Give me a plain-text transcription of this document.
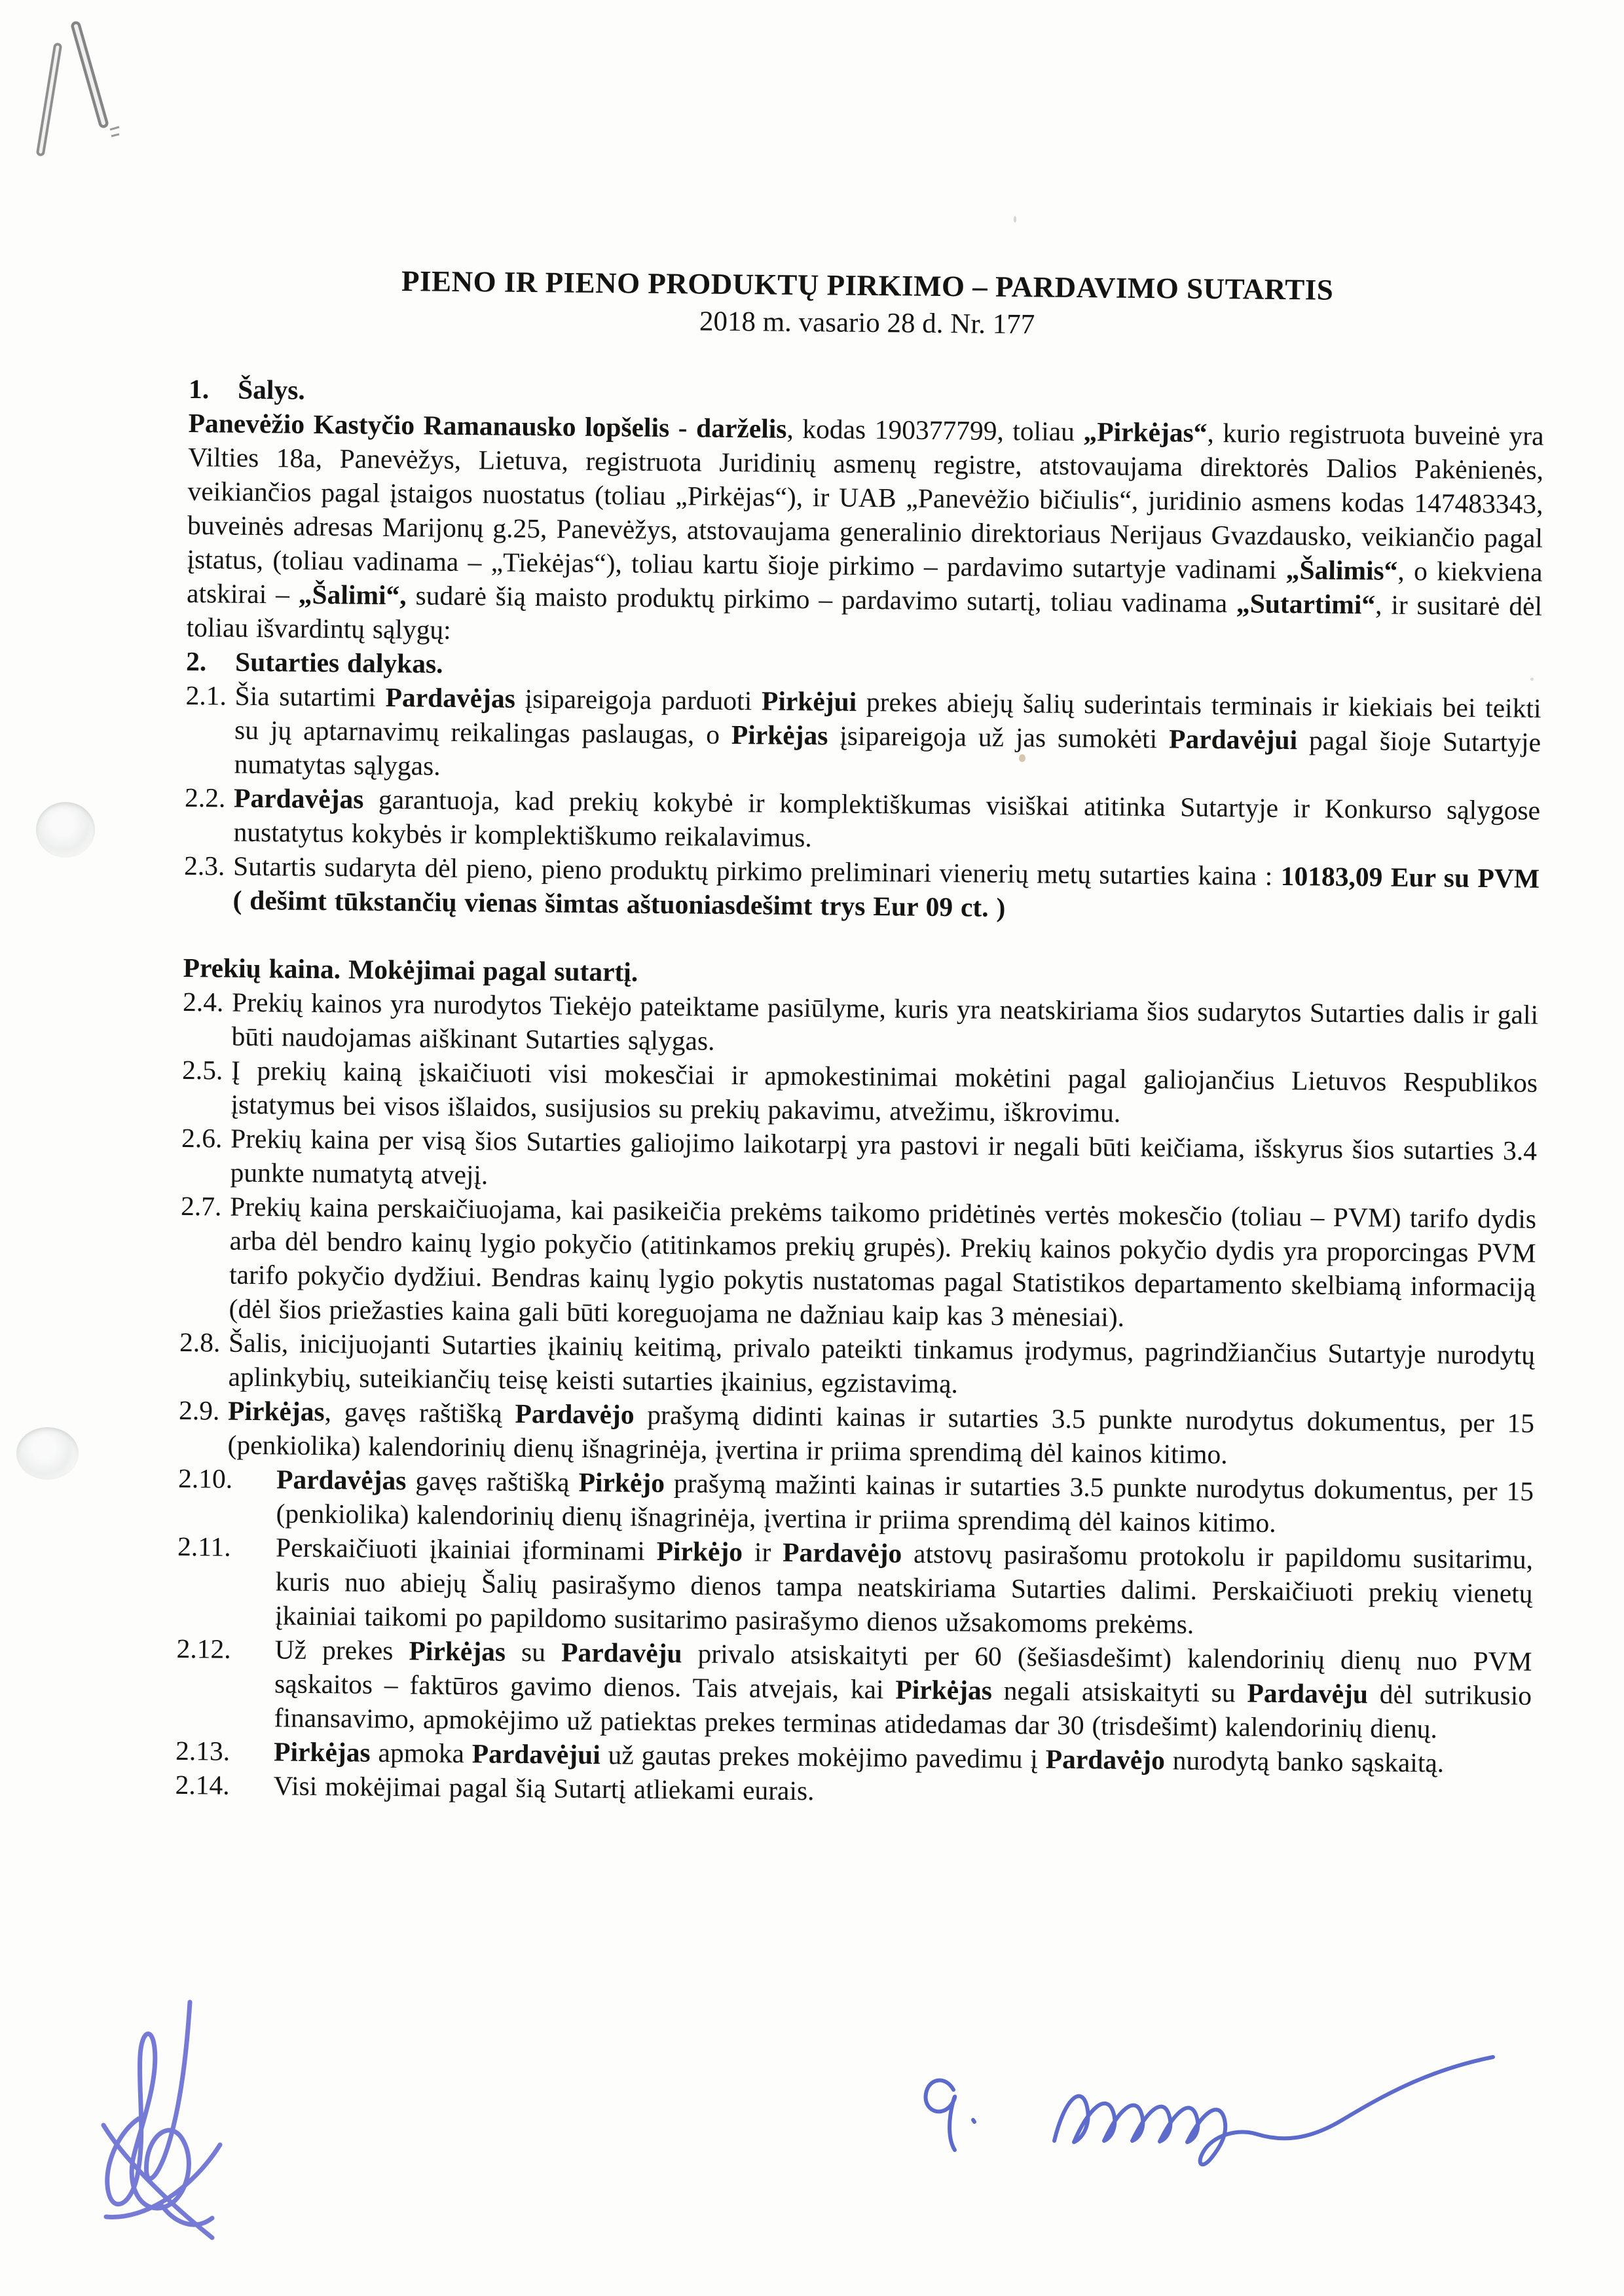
PIENO IR PIENO PRODUKTŲ PIRKIMO – PARDAVIMO SUTARTIS
2018 m. vasario 28 d. Nr. 177
1. Šalys.
Panevėžio Kastyčio Ramanausko lopšelis - darželis, kodas 190377799, toliau „Pirkėjas“, kurio registruota buveinė yra Vilties 18a, Panevėžys, Lietuva, registruota Juridinių asmenų registre, atstovaujama direktorės Dalios Pakėnienės, veikiančios pagal įstaigos nuostatus (toliau „Pirkėjas“), ir UAB „Panevėžio bičiulis“, juridinio asmens kodas 147483343, buveinės adresas Marijonų g.25, Panevėžys, atstovaujama generalinio direktoriaus Nerijaus Gvazdausko, veikiančio pagal įstatus, (toliau vadinama – „Tiekėjas“), toliau kartu šioje pirkimo – pardavimo sutartyje vadinami „Šalimis“, o kiekviena atskirai – „Šalimi“, sudarė šią maisto produktų pirkimo – pardavimo sutartį, toliau vadinama „Sutartimi“, ir susitarė dėl toliau išvardintų sąlygų:
2. Sutarties dalykas.
2.1. Šia sutartimi Pardavėjas įsipareigoja parduoti Pirkėjui prekes abiejų šalių suderintais terminais ir kiekiais bei teikti su jų aptarnavimų reikalingas paslaugas, o Pirkėjas įsipareigoja už jas sumokėti Pardavėjui pagal šioje Sutartyje numatytas sąlygas.
2.2. Pardavėjas garantuoja, kad prekių kokybė ir komplektiškumas visiškai atitinka Sutartyje ir Konkurso sąlygose nustatytus kokybės ir komplektiškumo reikalavimus.
2.3. Sutartis sudaryta dėl pieno, pieno produktų pirkimo preliminari vienerių metų sutarties kaina : 10183,09 Eur su PVM ( dešimt tūkstančių vienas šimtas aštuoniasdešimt trys Eur 09 ct. )
Prekių kaina. Mokėjimai pagal sutartį.
2.4. Prekių kainos yra nurodytos Tiekėjo pateiktame pasiūlyme, kuris yra neatskiriama šios sudarytos Sutarties dalis ir gali būti naudojamas aiškinant Sutarties sąlygas.
2.5. Į prekių kainą įskaičiuoti visi mokesčiai ir apmokestinimai mokėtini pagal galiojančius Lietuvos Respublikos įstatymus bei visos išlaidos, susijusios su prekių pakavimu, atvežimu, iškrovimu.
2.6. Prekių kaina per visą šios Sutarties galiojimo laikotarpį yra pastovi ir negali būti keičiama, išskyrus šios sutarties 3.4 punkte numatytą atvejį.
2.7. Prekių kaina perskaičiuojama, kai pasikeičia prekėms taikomo pridėtinės vertės mokesčio (toliau – PVM) tarifo dydis arba dėl bendro kainų lygio pokyčio (atitinkamos prekių grupės). Prekių kainos pokyčio dydis yra proporcingas PVM tarifo pokyčio dydžiui. Bendras kainų lygio pokytis nustatomas pagal Statistikos departamento skelbiamą informaciją (dėl šios priežasties kaina gali būti koreguojama ne dažniau kaip kas 3 mėnesiai).
2.8. Šalis, inicijuojanti Sutarties įkainių keitimą, privalo pateikti tinkamus įrodymus, pagrindžiančius Sutartyje nurodytų aplinkybių, suteikiančių teisę keisti sutarties įkainius, egzistavimą.
2.9. Pirkėjas, gavęs raštišką Pardavėjo prašymą didinti kainas ir sutarties 3.5 punkte nurodytus dokumentus, per 15 (penkiolika) kalendorinių dienų išnagrinėja, įvertina ir priima sprendimą dėl kainos kitimo.
2.10. Pardavėjas gavęs raštišką Pirkėjo prašymą mažinti kainas ir sutarties 3.5 punkte nurodytus dokumentus, per 15 (penkiolika) kalendorinių dienų išnagrinėja, įvertina ir priima sprendimą dėl kainos kitimo.
2.11. Perskaičiuoti įkainiai įforminami Pirkėjo ir Pardavėjo atstovų pasirašomu protokolu ir papildomu susitarimu, kuris nuo abiejų Šalių pasirašymo dienos tampa neatskiriama Sutarties dalimi. Perskaičiuoti prekių vienetų įkainiai taikomi po papildomo susitarimo pasirašymo dienos užsakomoms prekėms.
2.12. Už prekes Pirkėjas su Pardavėju privalo atsiskaityti per 60 (šešiasdešimt) kalendorinių dienų nuo PVM sąskaitos – faktūros gavimo dienos. Tais atvejais, kai Pirkėjas negali atsiskaityti su Pardavėju dėl sutrikusio finansavimo, apmokėjimo už patiektas prekes terminas atidedamas dar 30 (trisdešimt) kalendorinių dienų.
2.13. Pirkėjas apmoka Pardavėjui už gautas prekes mokėjimo pavedimu į Pardavėjo nurodytą banko sąskaitą.
2.14. Visi mokėjimai pagal šią Sutartį atliekami eurais.
